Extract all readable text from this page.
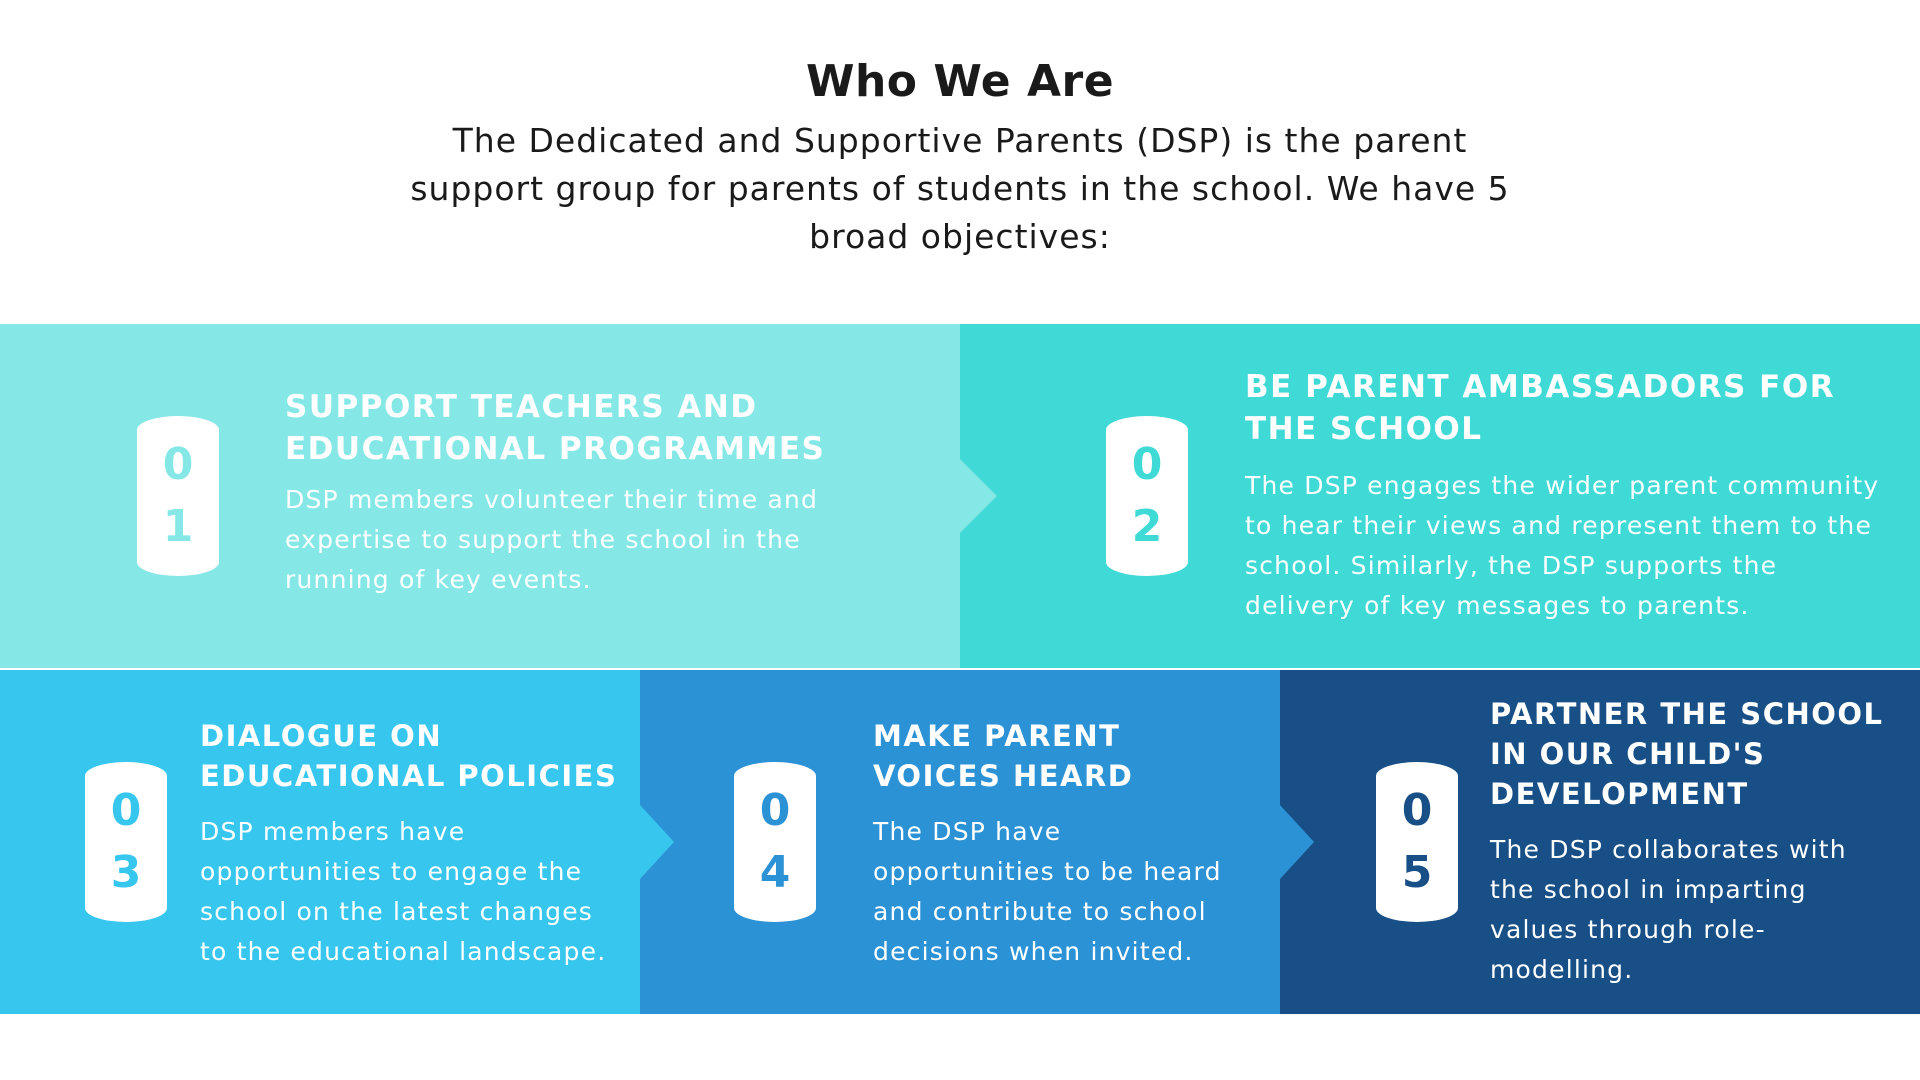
Who We Are

The Dedicated and Supportive Parents (DSP) is the parent support group for parents of students in the school. We have 5 broad objectives:

0
1

SUPPORT TEACHERS AND EDUCATIONAL PROGRAMMES

DSP members volunteer their time and expertise to support the school in the running of key events.

0
2

BE PARENT AMBASSADORS FOR THE SCHOOL

The DSP engages the wider parent community to hear their views and represent them to the school. Similarly, the DSP supports the delivery of key messages to parents.

0
3

DIALOGUE ON EDUCATIONAL POLICIES

DSP members have opportunities to engage the school on the latest changes to the educational landscape.

0
4

MAKE PARENT VOICES HEARD

The DSP have opportunities to be heard and contribute to school decisions when invited.

0
5

PARTNER THE SCHOOL IN OUR CHILD'S DEVELOPMENT

The DSP collaborates with the school in imparting values through role-modelling.
